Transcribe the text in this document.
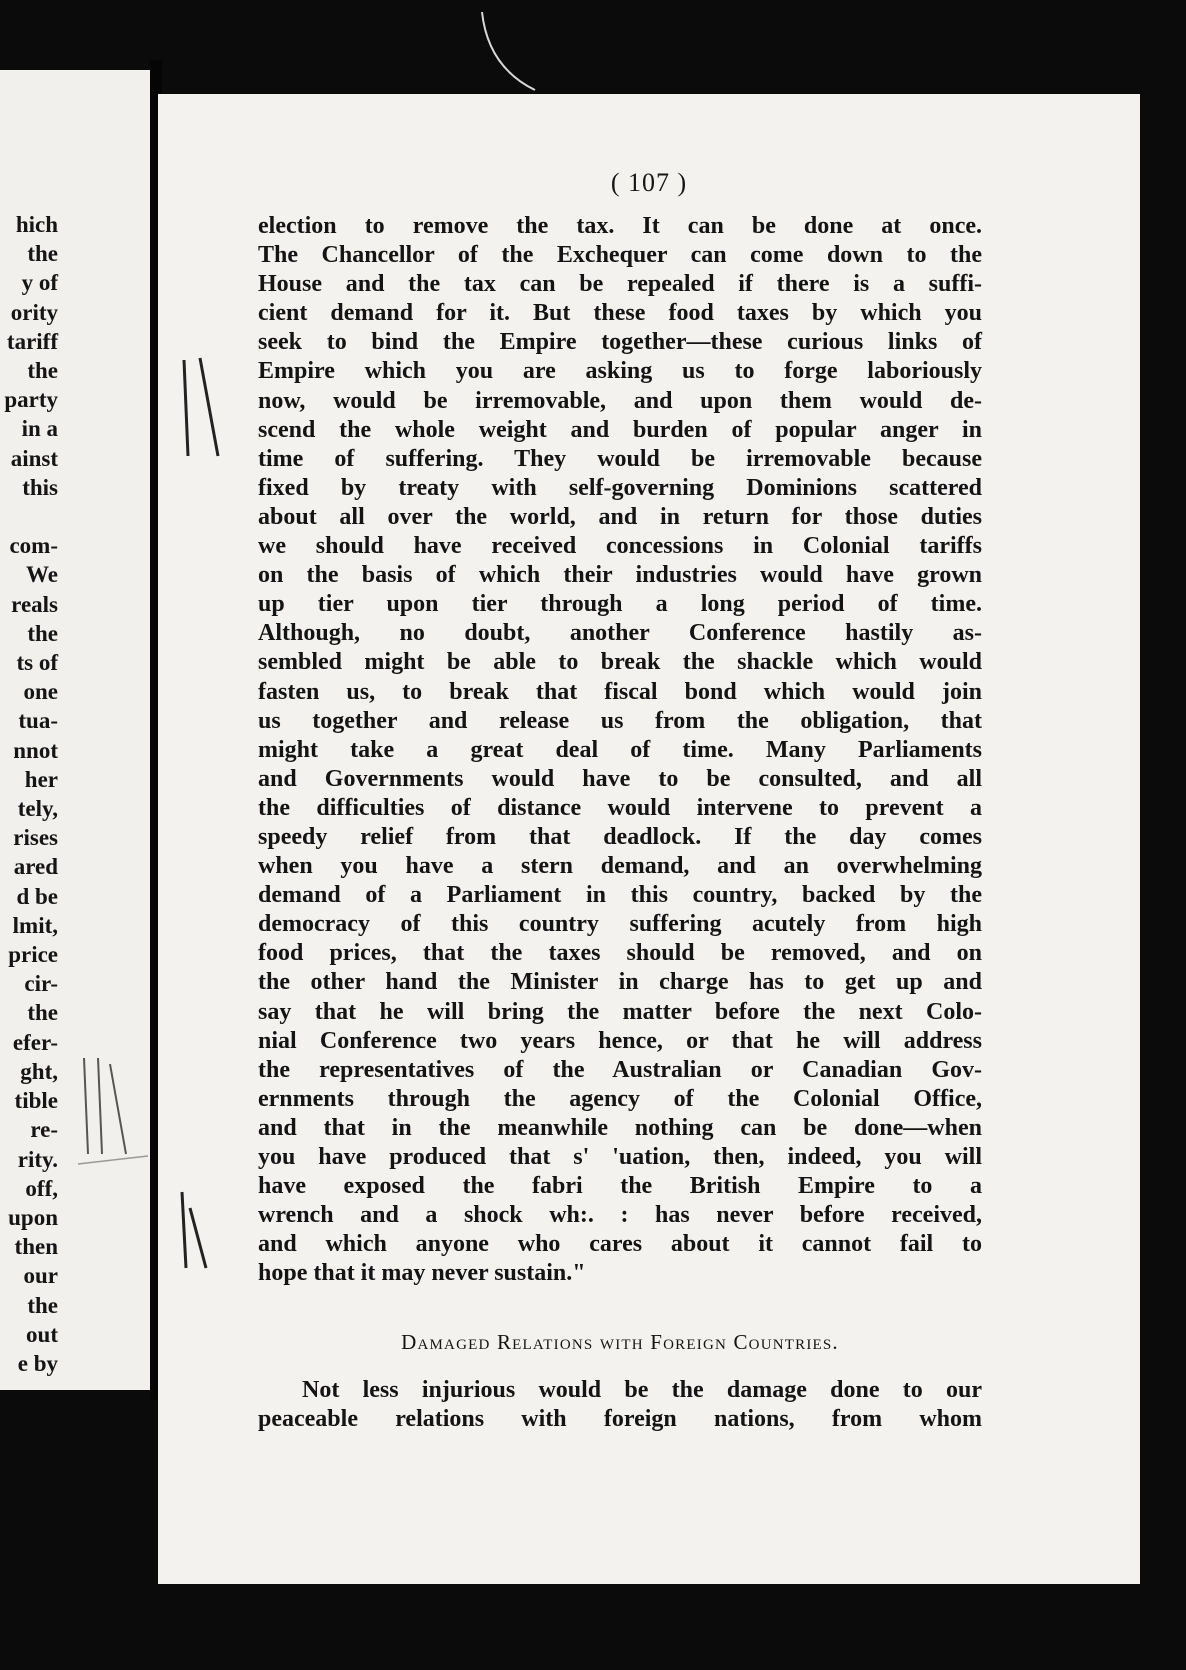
hich
the
y of
ority
tariff
the
party
in a
ainst
this

com-
We
reals
the
ts of
one
tua-
nnot
her
tely,
rises
ared
d be
lmit,
price
cir-
the
efer-
ght,
tible
re-
rity.
off,
upon
then
our
the
out
e by
( 107 )
election to remove the tax. It can be done at once.
The Chancellor of the Exchequer can come down to the
House and the tax can be repealed if there is a suffi-
cient demand for it. But these food taxes by which you
seek to bind the Empire together—these curious links of
Empire which you are asking us to forge laboriously
now, would be irremovable, and upon them would de-
scend the whole weight and burden of popular anger in
time of suffering. They would be irremovable because
fixed by treaty with self-governing Dominions scattered
about all over the world, and in return for those duties
we should have received concessions in Colonial tariffs
on the basis of which their industries would have grown
up tier upon tier through a long period of time.
Although, no doubt, another Conference hastily as-
sembled might be able to break the shackle which would
fasten us, to break that fiscal bond which would join
us together and release us from the obligation, that
might take a great deal of time. Many Parliaments
and Governments would have to be consulted, and all
the difficulties of distance would intervene to prevent a
speedy relief from that deadlock. If the day comes
when you have a stern demand, and an overwhelming
demand of a Parliament in this country, backed by the
democracy of this country suffering acutely from high
food prices, that the taxes should be removed, and on
the other hand the Minister in charge has to get up and
say that he will bring the matter before the next Colo-
nial Conference two years hence, or that he will address
the representatives of the Australian or Canadian Gov-
ernments through the agency of the Colonial Office,
and that in the meanwhile nothing can be done—when
you have produced that s' 'uation, then, indeed, you will
have exposed the fabri the British Empire to a
wrench and a shock wh:. : has never before received,
and which anyone who cares about it cannot fail to
hope that it may never sustain."
Damaged Relations with Foreign Countries.
Not less injurious would be the damage done to our
peaceable relations with foreign nations, from whom
